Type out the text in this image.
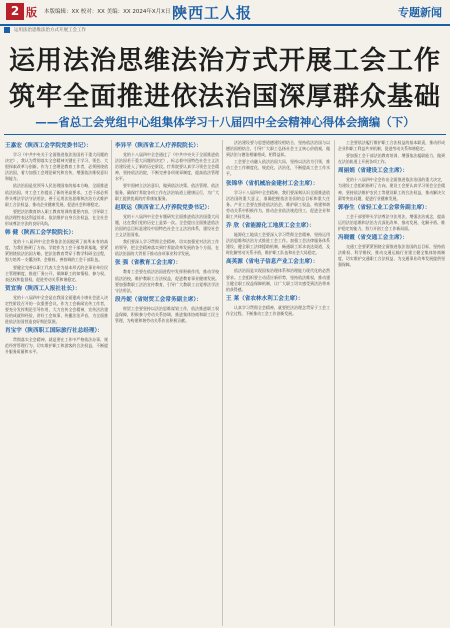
2 版 本版编辑：XX 校对：XX 美编：XX 2024年X月X日 星期X
陕西工人报	专题新闻
运用法治思维法治方式开展工会工作
运用法治思维法治方式开展工会工作
筑牢全面推进依法治国深厚群众基础
——省总工会党组中心组集体学习十八届四中全会精神心得体会摘编（下）
王嘉宏（陕西工会学院党委书记）：

学习《中共中央关于全面推进依法治国若干重大问题的决定》，我认为贯彻落实全会精神关键在于学习、领会、大胆探索改革与创新。作为工会理论教育工作者，必须围绕依法治国，着力加强工会理论研究和宣传，增强依法维权意识和能力。

依法治国是党领导人民治理国家的基本方略，全面推进依法治国，对工会工作提出了新的更高要求。工会干部必须带头尊法学法守法用法，善于运用法治思维和法治方式维护职工合法权益、推动企业健康发展、促进社会和谐稳定。

要把法治教育纳入职工教育培训的重要内容，引导职工依法理性表达利益诉求，依法维护自身合法权益，在全社会形成尊法守法的良好风尚。

韩 健（陕西工会学院院长）：

党的十八届四中全会将依法治国提到了前所未有的高度，为我们指明了方向。学院作为工会干部培训基地，要紧紧围绕依法治国方略，把法治教育贯穿于教学科研全过程，努力培养一支懂法律、会维权、善协调的工会干部队伍。

要健全完善以职工代表大会为基本形式的企事业单位民主管理制度，推进厂务公开，保障职工的知情权、参与权、表达权和监督权，促进劳动关系和谐稳定。

贺宜驹（陕西工人报社社长）：

党的十八届四中全会是在我国全面建成小康社会进入决定性阶段召开的一次重要会议。作为工会新闻宣传工作者，要充分发挥舆论引导作用，大力宣传全会精神，宣传法治建设的成就和经验，讲好工会故事，传播法治声音，为全面推进依法治国营造良好舆论氛围。

肖宝宇（陕西职工国际旅行社总经理）：

贯彻落实全会精神，就是要在工作中严格依法办事，规范经营管理行为，切实维护职工和游客的合法权益，不断提升服务质量和水平。

李异平（陕西省工人疗养院院长）：

党的十八届四中全会通过了《中共中央关于全面推进依法治国若干重大问题的决定》，标志着中国特色社会主义法治建设进入了新的历史阶段。疗养院要认真学习领会全会精神，坚持依法治院，不断完善各项规章制度，提高依法管理水平。

要牢固树立法治意识，做到依法决策、依法管理、依法服务，确保疗养院各项工作在法治轨道上健康运行，为广大职工提供优质的疗养康复服务。

赵联运（陕西省工人疗养院党委书记）：

党的十八届四中全会专题研究全面推进依法治国重大问题，这在我们党的历史上是第一次。全会提出全面推进依法治国的总目标是建设中国特色社会主义法治体系，建设社会主义法治国家。

我们要深入学习贯彻全会精神，切实加强党对法治工作的领导，把全会精神落实到疗养院改革发展的各个方面，在依法治国的大背景下推动各项事业科学发展。

张 强（省教育工会主席）：

教育工会要在依法治国进程中发挥积极作用，推动学校依法治校，维护教职工合法权益，促进教育事业健康发展。要加强教职工法治宣传教育，引导广大教职工自觉尊法学法守法用法。

段丹妮（省财贸工会常务副主席）：

财贸工会要坚持以法治思维谋划工作，依法推进职工权益保障，积极参与劳动关系协调，推进集体协商和职工民主管理，为构建和谐劳动关系作出积极贡献。

法治建设要与思想道德建设相结合，坚持依法治国与以德治国相结合，引导广大职工弘扬社会主义核心价值观，做到法治与德治相辅相成、相得益彰。

工会要主动融入依法治国大局，坚持以法治为引领，推动工会工作制度化、规范化、法治化，不断提高工会工作水平。

张锦华（省机械冶金建材工会主席）：

学习十八届四中全会精神，我们要深刻认识全面推进依法治国的重大意义，准确把握依法治国的总目标和重大任务。产业工会要在推进依法治企、维护职工权益、构建和谐劳动关系中积极作为，推动企业依法规范用工，促进企业和职工共同发展。

乔 欣（省能源化工地质工会主席）：

能源化工地质工会要深入学习贯彻全会精神，坚持运用法治思维和法治方式推进工会工作。加强工会法律服务体系建设，健全职工法律援助机制，畅通职工诉求表达渠道，及时化解劳动关系矛盾，维护职工队伍和社会大局稳定。

高英源（省电子信息产业工会主席）：

依法治国是实现国家治理体系和治理能力现代化的必然要求。工会组织要主动适应新形势，坚持依法维权，推动建立健全职工权益保障机制，让广大职工切实感受到法治带来的获得感。

王 莱（省农林水利工会主席）：

认真学习贯彻全会精神，就要把法治理念贯穿于工会工作全过程，不断推动工会工作创新发展。

工会要依法履行维护职工合法权益的基本职责，推动形成企业和职工利益共享机制，促进劳动关系和谐稳定。

要加强工会干部法治教育培训，增强依法履职能力，做到在法治轨道上开展各项工作。

周丽娟（省建设工会主席）：

党的十八届四中全会作出全面推进依法治国的重大决定，为建设工会组织指明了方向。建设工会要认真学习领会全会精神，坚持依法维护农民工等建设职工的合法权益，推动解决欠薪等突出问题，促进行业健康发展。

郭春生（省轻工业工会常务副主席）：

工会干部要带头学法尊法守法用法，增强法治观念，提高运用法治思维和法治方式深化改革、推动发展、化解矛盾、维护稳定的能力，努力开创工会工作新局面。

冯晓霞（省交通工会主席）：

交通工会要紧紧围绕全面推进依法治国的总目标，坚持依法维权、科学维权，推动交通运输行业建立健全集体协商制度，切实维护交通职工合法权益，为交通事业改革发展提供坚强保障。
